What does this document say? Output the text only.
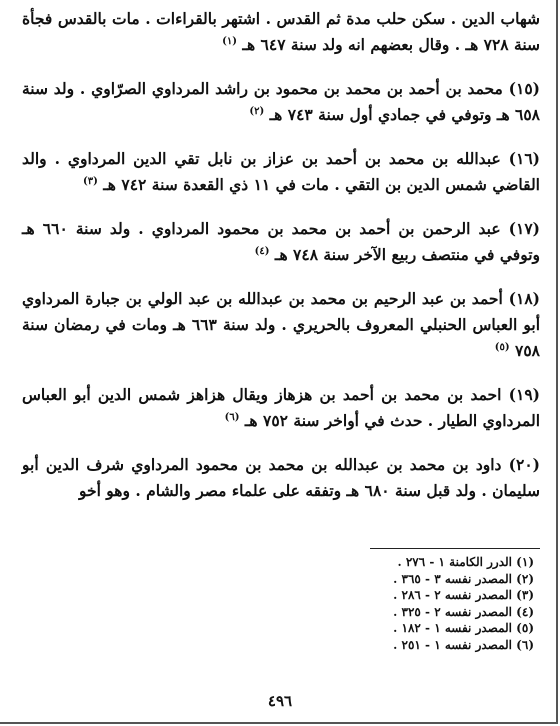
شهاب الدين . سكن حلب مدة ثم القدس . اشتهر بالقراءات . مات بالقدس فجأة سنة ٧٢٨ هـ . وقال بعضهم انه ولد سنة ٦٤٧ هـ $^{(١)}$

(١٥) محمد بن أحمد بن محمد بن محمود بن راشد المرداوي الصرّاوي . ولد سنة ٦٥٨ هـ وتوفي في جمادي أول سنة ٧٤٣ هـ $^{(٢)}$

(١٦) عبدالله بن محمد بن أحمد بن عزاز بن نابل تقي الدين المرداوي . والد القاضي شمس الدين بن التقي . مات في ١١ ذي القعدة سنة ٧٤٢ هـ $^{(٣)}$

(١٧) عبد الرحمن بن أحمد بن محمد بن محمود المرداوي . ولد سنة ٦٦٠ هـ وتوفي في منتصف ربيع الآخر سنة ٧٤٨ هـ $^{(٤)}$

(١٨) أحمد بن عبد الرحيم بن محمد بن عبدالله بن عبد الولي بن جبارة المرداوي أبو العباس الحنبلي المعروف بالحريري . ولد سنة ٦٦٣ هـ ومات في رمضان سنة ٧٥٨ $^{(٥)}$

(١٩) احمد بن محمد بن أحمد بن هزهاز ويقال هزاهز شمس الدين أبو العباس المرداوي الطيار . حدث في أواخر سنة ٧٥٢ هـ $^{(٦)}$

(٢٠) داود بن محمد بن عبدالله بن محمد بن محمود المرداوي شرف الدين أبو سليمان . ولد قبل سنة ٦٨٠ هـ وتفقه على علماء مصر والشام . وهو أخو

(١) الدرر الكامنة ١ - ٢٧٦ .
(٢) المصدر نفسه ٣ - ٣٦٥ .
(٣) المصدر نفسه ٢ - ٢٨٦ .
(٤) المصدر نفسه ٢ - ٣٢٥ .
(٥) المصدر نفسه ١ - ١٨٢ .
(٦) المصدر نفسه ١ - ٢٥١ .
٤٩٦
